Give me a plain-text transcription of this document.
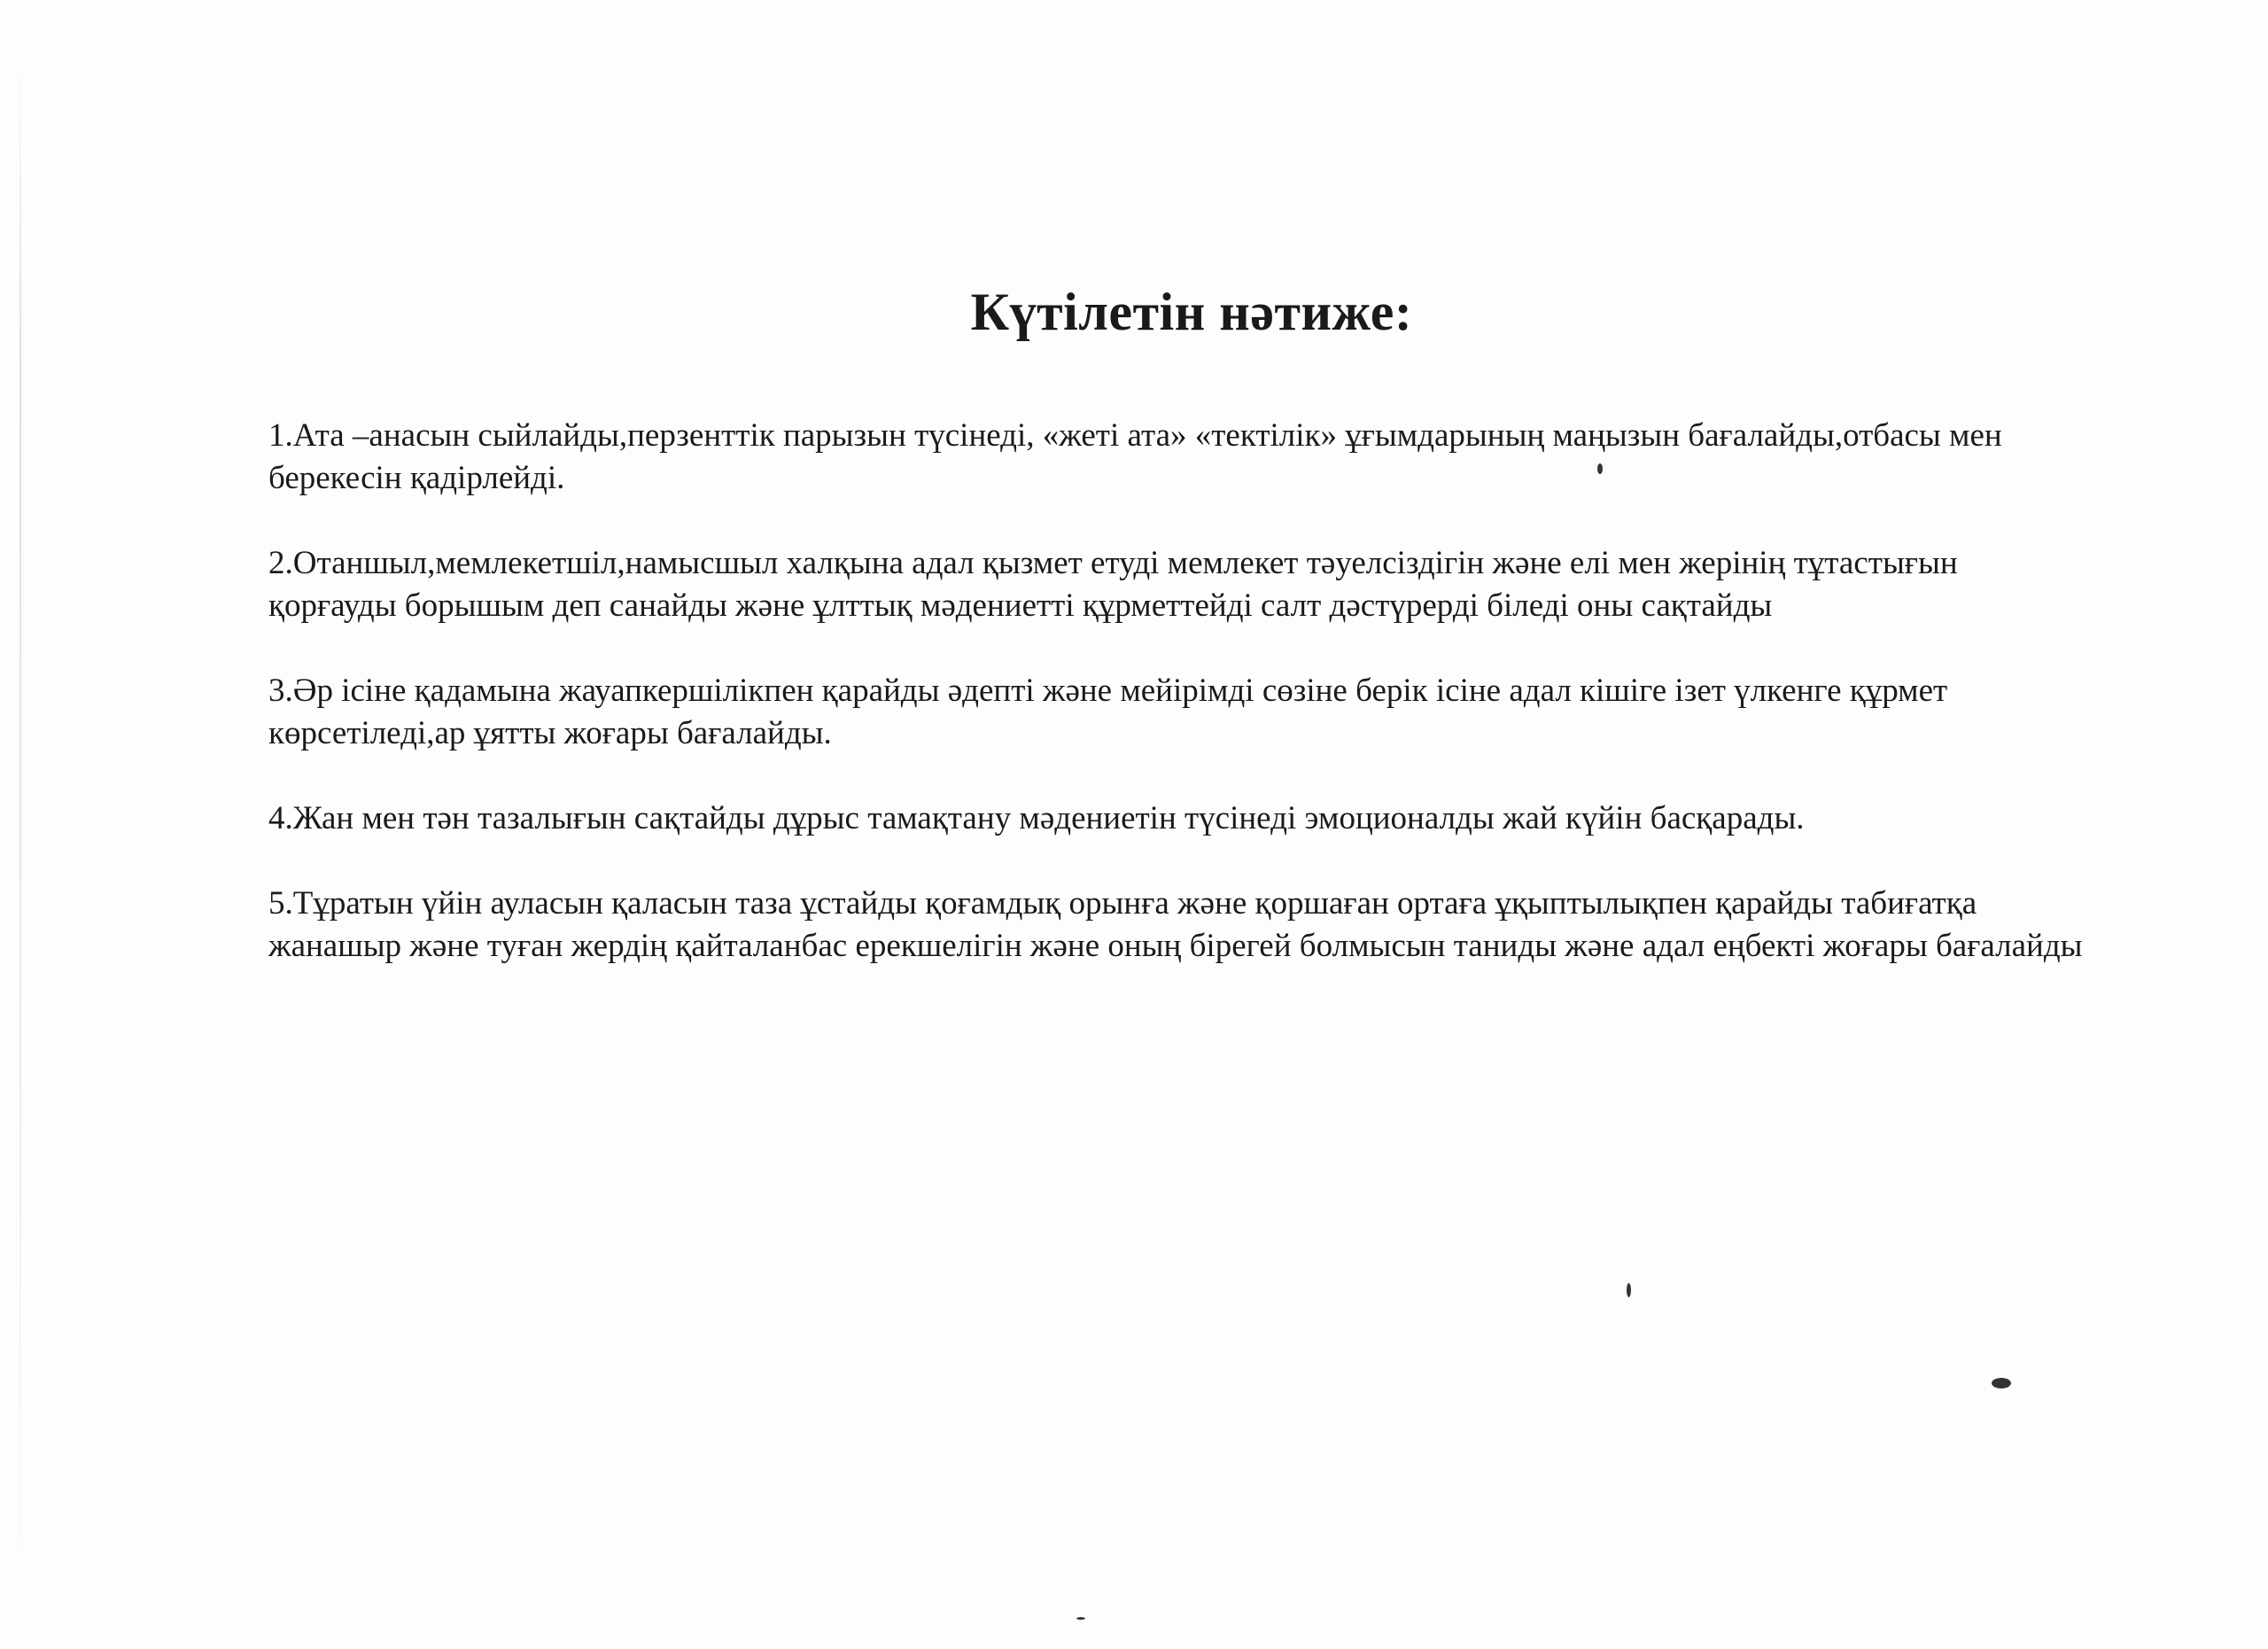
Күтілетін нәтиже:

1.Ата –анасын сыйлайды,перзенттік парызын түсінеді, «жеті ата» «тектілік» ұғымдарының маңызын бағалайды,отбасы мен берекесін қадірлейді.

2.Отаншыл,мемлекетшіл,намысшыл халқына адал қызмет етуді мемлекет тәуелсіздігін және елі мен жерінің тұтастығын қорғауды борышым деп санайды және ұлттық мәдениетті құрметтейді салт дәстүрерді біледі оны сақтайды

3.Әр ісіне қадамына жауапкершілікпен қарайды әдепті және мейірімді сөзіне берік ісіне адал кішіге ізет үлкенге құрмет көрсетіледі,ар ұятты жоғары бағалайды.

4.Жан мен тән тазалығын сақтайды дұрыс тамақтану мәдениетін түсінеді эмоционалды жай күйін басқарады.

5.Тұратын үйін ауласын қаласын таза ұстайды қоғамдық орынға және қоршаған ортаға ұқыптылықпен қарайды табиғатқа жанашыр және туған жердің қайталанбас ерекшелігін және оның бірегей болмысын таниды және адал еңбекті жоғары бағалайды
